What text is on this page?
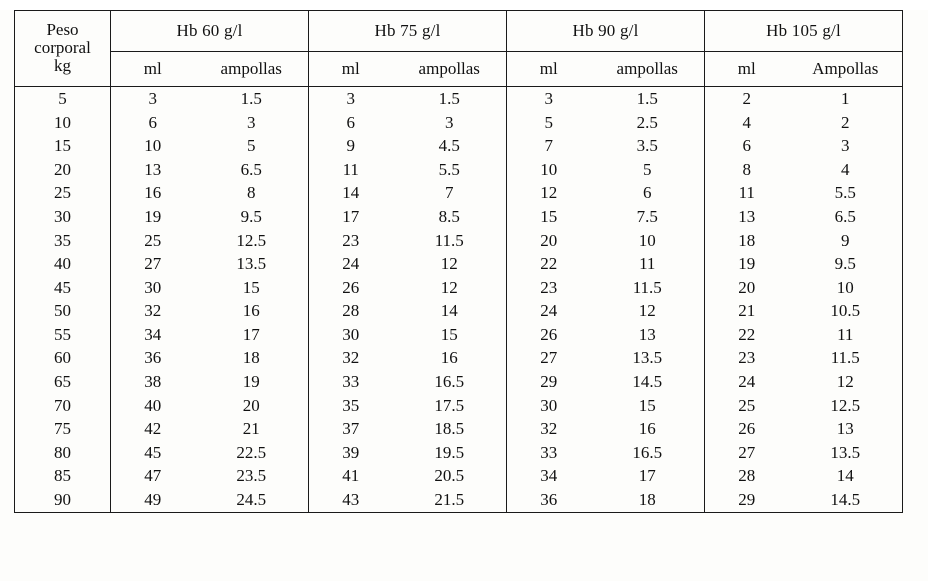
Peso
corporal
kg	Hb 60 g/l		Hb 75 g/l		Hb 90 g/l		Hb 105 g/l	
	ml	ampollas	ml	ampollas	ml	ampollas	ml	Ampollas
5	3	1.5	3	1.5	3	1.5	2	1
10	6	3	6	3	5	2.5	4	2
15	10	5	9	4.5	7	3.5	6	3
20	13	6.5	11	5.5	10	5	8	4
25	16	8	14	7	12	6	11	5.5
30	19	9.5	17	8.5	15	7.5	13	6.5
35	25	12.5	23	11.5	20	10	18	9
40	27	13.5	24	12	22	11	19	9.5
45	30	15	26	12	23	11.5	20	10
50	32	16	28	14	24	12	21	10.5
55	34	17	30	15	26	13	22	11
60	36	18	32	16	27	13.5	23	11.5
65	38	19	33	16.5	29	14.5	24	12
70	40	20	35	17.5	30	15	25	12.5
75	42	21	37	18.5	32	16	26	13
80	45	22.5	39	19.5	33	16.5	27	13.5
85	47	23.5	41	20.5	34	17	28	14
90	49	24.5	43	21.5	36	18	29	14.5
